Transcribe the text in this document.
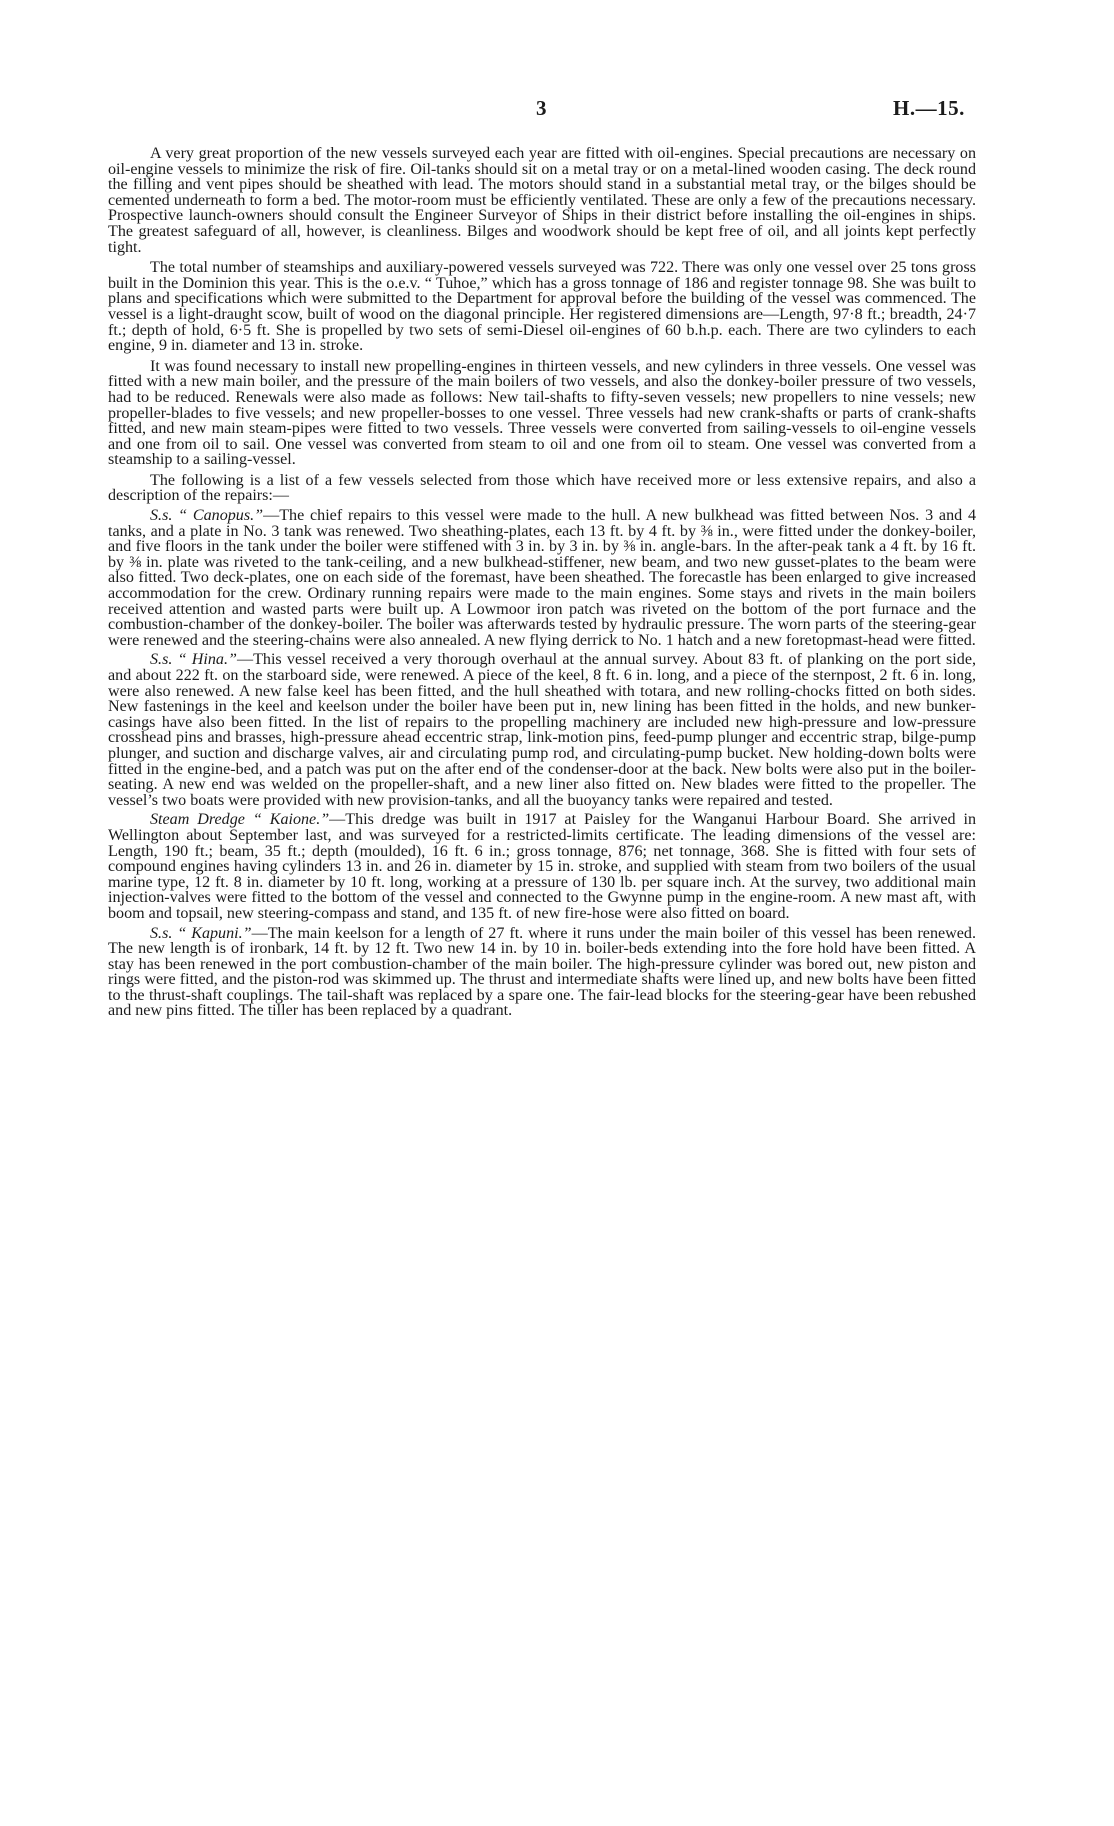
3	H.—15.

A very great proportion of the new vessels surveyed each year are fitted with oil-engines. Special precautions are necessary on oil-engine vessels to minimize the risk of fire. Oil-tanks should sit on a metal tray or on a metal-lined wooden casing. The deck round the filling and vent pipes should be sheathed with lead. The motors should stand in a substantial metal tray, or the bilges should be cemented underneath to form a bed. The motor-room must be efficiently ventilated. These are only a few of the precautions necessary. Prospective launch-owners should consult the Engineer Surveyor of Ships in their district before installing the oil-engines in ships. The greatest safeguard of all, however, is cleanliness. Bilges and woodwork should be kept free of oil, and all joints kept perfectly tight.

The total number of steamships and auxiliary-powered vessels surveyed was 722. There was only one vessel over 25 tons gross built in the Dominion this year. This is the o.e.v. “ Tuhoe,” which has a gross tonnage of 186 and register tonnage 98. She was built to plans and specifications which were submitted to the Department for approval before the building of the vessel was commenced. The vessel is a light-draught scow, built of wood on the diagonal principle. Her registered dimensions are—Length, 97·8 ft.; breadth, 24·7 ft.; depth of hold, 6·5 ft. She is propelled by two sets of semi-Diesel oil-engines of 60 b.h.p. each. There are two cylinders to each engine, 9 in. diameter and 13 in. stroke.

It was found necessary to install new propelling-engines in thirteen vessels, and new cylinders in three vessels. One vessel was fitted with a new main boiler, and the pressure of the main boilers of two vessels, and also the donkey-boiler pressure of two vessels, had to be reduced. Renewals were also made as follows: New tail-shafts to fifty-seven vessels; new propellers to nine vessels; new propeller-blades to five vessels; and new propeller-bosses to one vessel. Three vessels had new crank-shafts or parts of crank-shafts fitted, and new main steam-pipes were fitted to two vessels. Three vessels were converted from sailing-vessels to oil-engine vessels and one from oil to sail. One vessel was converted from steam to oil and one from oil to steam. One vessel was converted from a steamship to a sailing-vessel.

The following is a list of a few vessels selected from those which have received more or less extensive repairs, and also a description of the repairs:—

S.s. “ Canopus.”—The chief repairs to this vessel were made to the hull. A new bulkhead was fitted between Nos. 3 and 4 tanks, and a plate in No. 3 tank was renewed. Two sheathing-plates, each 13 ft. by 4 ft. by ⅜ in., were fitted under the donkey-boiler, and five floors in the tank under the boiler were stiffened with 3 in. by 3 in. by ⅜ in. angle-bars. In the after-peak tank a 4 ft. by 16 ft. by ⅜ in. plate was riveted to the tank-ceiling, and a new bulkhead-stiffener, new beam, and two new gusset-plates to the beam were also fitted. Two deck-plates, one on each side of the foremast, have been sheathed. The forecastle has been enlarged to give increased accommodation for the crew. Ordinary running repairs were made to the main engines. Some stays and rivets in the main boilers received attention and wasted parts were built up. A Lowmoor iron patch was riveted on the bottom of the port furnace and the combustion-chamber of the donkey-boiler. The boiler was afterwards tested by hydraulic pressure. The worn parts of the steering-gear were renewed and the steering-chains were also annealed. A new flying derrick to No. 1 hatch and a new foretopmast-head were fitted.

S.s. “ Hina.”—This vessel received a very thorough overhaul at the annual survey. About 83 ft. of planking on the port side, and about 222 ft. on the starboard side, were renewed. A piece of the keel, 8 ft. 6 in. long, and a piece of the sternpost, 2 ft. 6 in. long, were also renewed. A new false keel has been fitted, and the hull sheathed with totara, and new rolling-chocks fitted on both sides. New fastenings in the keel and keelson under the boiler have been put in, new lining has been fitted in the holds, and new bunker-casings have also been fitted. In the list of repairs to the propelling machinery are included new high-pressure and low-pressure crosshead pins and brasses, high-pressure ahead eccentric strap, link-motion pins, feed-pump plunger and eccentric strap, bilge-pump plunger, and suction and discharge valves, air and circulating pump rod, and circulating-pump bucket. New holding-down bolts were fitted in the engine-bed, and a patch was put on the after end of the condenser-door at the back. New bolts were also put in the boiler-seating. A new end was welded on the propeller-shaft, and a new liner also fitted on. New blades were fitted to the propeller. The vessel’s two boats were provided with new provision-tanks, and all the buoyancy tanks were repaired and tested.

Steam Dredge “ Kaione.”—This dredge was built in 1917 at Paisley for the Wanganui Harbour Board. She arrived in Wellington about September last, and was surveyed for a restricted-limits certificate. The leading dimensions of the vessel are: Length, 190 ft.; beam, 35 ft.; depth (moulded), 16 ft. 6 in.; gross tonnage, 876; net tonnage, 368. She is fitted with four sets of compound engines having cylinders 13 in. and 26 in. diameter by 15 in. stroke, and supplied with steam from two boilers of the usual marine type, 12 ft. 8 in. diameter by 10 ft. long, working at a pressure of 130 lb. per square inch. At the survey, two additional main injection-valves were fitted to the bottom of the vessel and connected to the Gwynne pump in the engine-room. A new mast aft, with boom and topsail, new steering-compass and stand, and 135 ft. of new fire-hose were also fitted on board.

S.s. “ Kapuni.”—The main keelson for a length of 27 ft. where it runs under the main boiler of this vessel has been renewed. The new length is of ironbark, 14 ft. by 12 ft. Two new 14 in. by 10 in. boiler-beds extending into the fore hold have been fitted. A stay has been renewed in the port combustion-chamber of the main boiler. The high-pressure cylinder was bored out, new piston and rings were fitted, and the piston-rod was skimmed up. The thrust and intermediate shafts were lined up, and new bolts have been fitted to the thrust-shaft couplings. The tail-shaft was replaced by a spare one. The fair-lead blocks for the steering-gear have been rebushed and new pins fitted. The tiller has been replaced by a quadrant.
